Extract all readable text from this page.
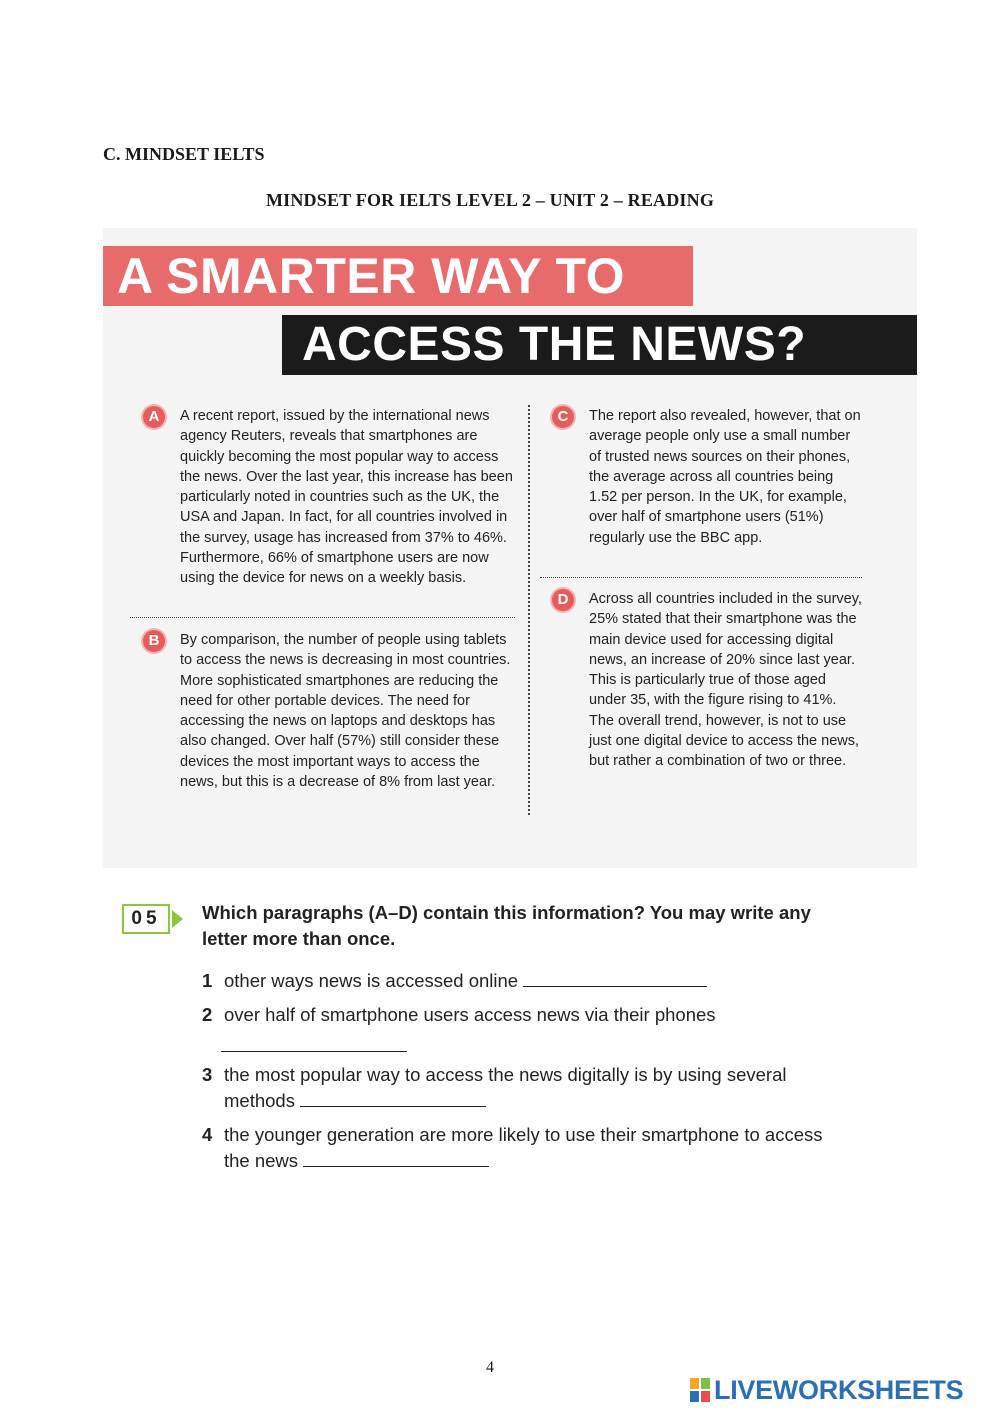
C. MINDSET IELTS
MINDSET FOR IELTS LEVEL 2 – UNIT 2 – READING
A SMARTER WAY TO
ACCESS THE NEWS?
A	A recent report, issued by the international news agency Reuters, reveals that smartphones are quickly becoming the most popular way to access the news. Over the last year, this increase has been particularly noted in countries such as the UK, the USA and Japan. In fact, for all countries involved in the survey, usage has increased from 37% to 46%. Furthermore, 66% of smartphone users are now using the device for news on a weekly basis.
B	By comparison, the number of people using tablets to access the news is decreasing in most countries. More sophisticated smartphones are reducing the need for other portable devices. The need for accessing the news on laptops and desktops has also changed. Over half (57%) still consider these devices the most important ways to access the news, but this is a decrease of 8% from last year.
C	The report also revealed, however, that on average people only use a small number of trusted news sources on their phones, the average across all countries being 1.52 per person. In the UK, for example, over half of smartphone users (51%) regularly use the BBC app.
D	Across all countries included in the survey, 25% stated that their smartphone was the main device used for accessing digital news, an increase of 20% since last year. This is particularly true of those aged under 35, with the figure rising to 41%. The overall trend, however, is not to use just one digital device to access the news, but rather a combination of two or three.
05	Which paragraphs (A–D) contain this information? You may write any letter more than once.
1 other ways news is accessed online
2 over half of smartphone users access news via their phones
3 the most popular way to access the news digitally is by using several methods
4 the younger generation are more likely to use their smartphone to access the news
4
LIVEWORKSHEETS
